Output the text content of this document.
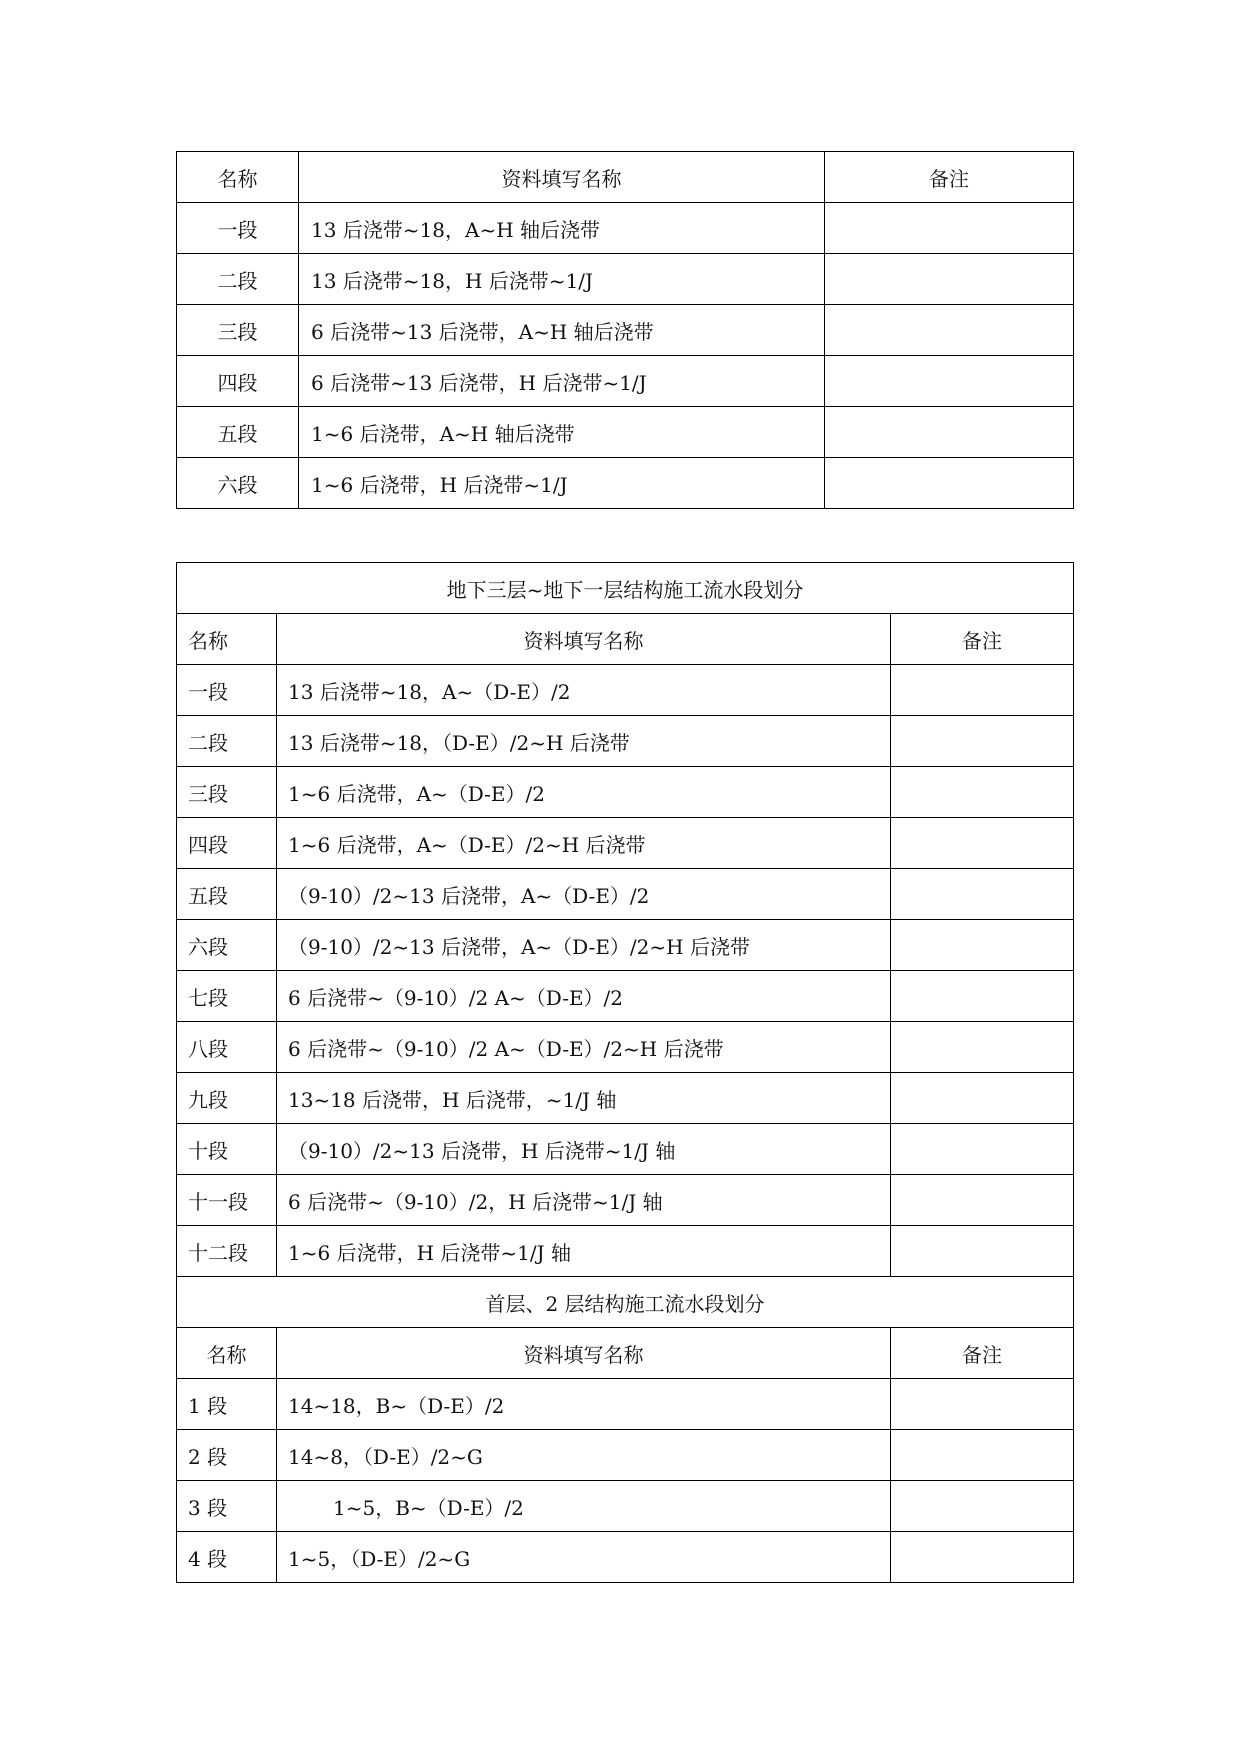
名称	资料填写名称	备注
一段	13 后浇带~18，A~H 轴后浇带	
二段	13 后浇带~18，H 后浇带~1/J	
三段	6 后浇带~13 后浇带，A~H 轴后浇带	
四段	6 后浇带~13 后浇带，H 后浇带~1/J	
五段	1~6 后浇带，A~H 轴后浇带	
六段	1~6 后浇带，H 后浇带~1/J	
地下三层~地下一层结构施工流水段划分		
名称	资料填写名称	备注
一段	13 后浇带~18，A~（D-E）/2	
二段	13 后浇带~18，（D-E）/2~H 后浇带	
三段	1~6 后浇带，A~（D-E）/2	
四段	1~6 后浇带，A~（D-E）/2~H 后浇带	
五段	（9-10）/2~13 后浇带，A~（D-E）/2	
六段	（9-10）/2~13 后浇带，A~（D-E）/2~H 后浇带	
七段	6 后浇带~（9-10）/2 A~（D-E）/2	
八段	6 后浇带~（9-10）/2 A~（D-E）/2~H 后浇带	
九段	13~18 后浇带，H 后浇带，~1/J 轴	
十段	（9-10）/2~13 后浇带，H 后浇带~1/J 轴	
十一段	6 后浇带~（9-10）/2，H 后浇带~1/J 轴	
十二段	1~6 后浇带，H 后浇带~1/J 轴	
首层、2 层结构施工流水段划分		
名称	资料填写名称	备注
1 段	14~18，B~（D-E）/2	
2 段	14~8，（D-E）/2~G	
3 段	1~5，B~（D-E）/2	
4 段	1~5，（D-E）/2~G	
